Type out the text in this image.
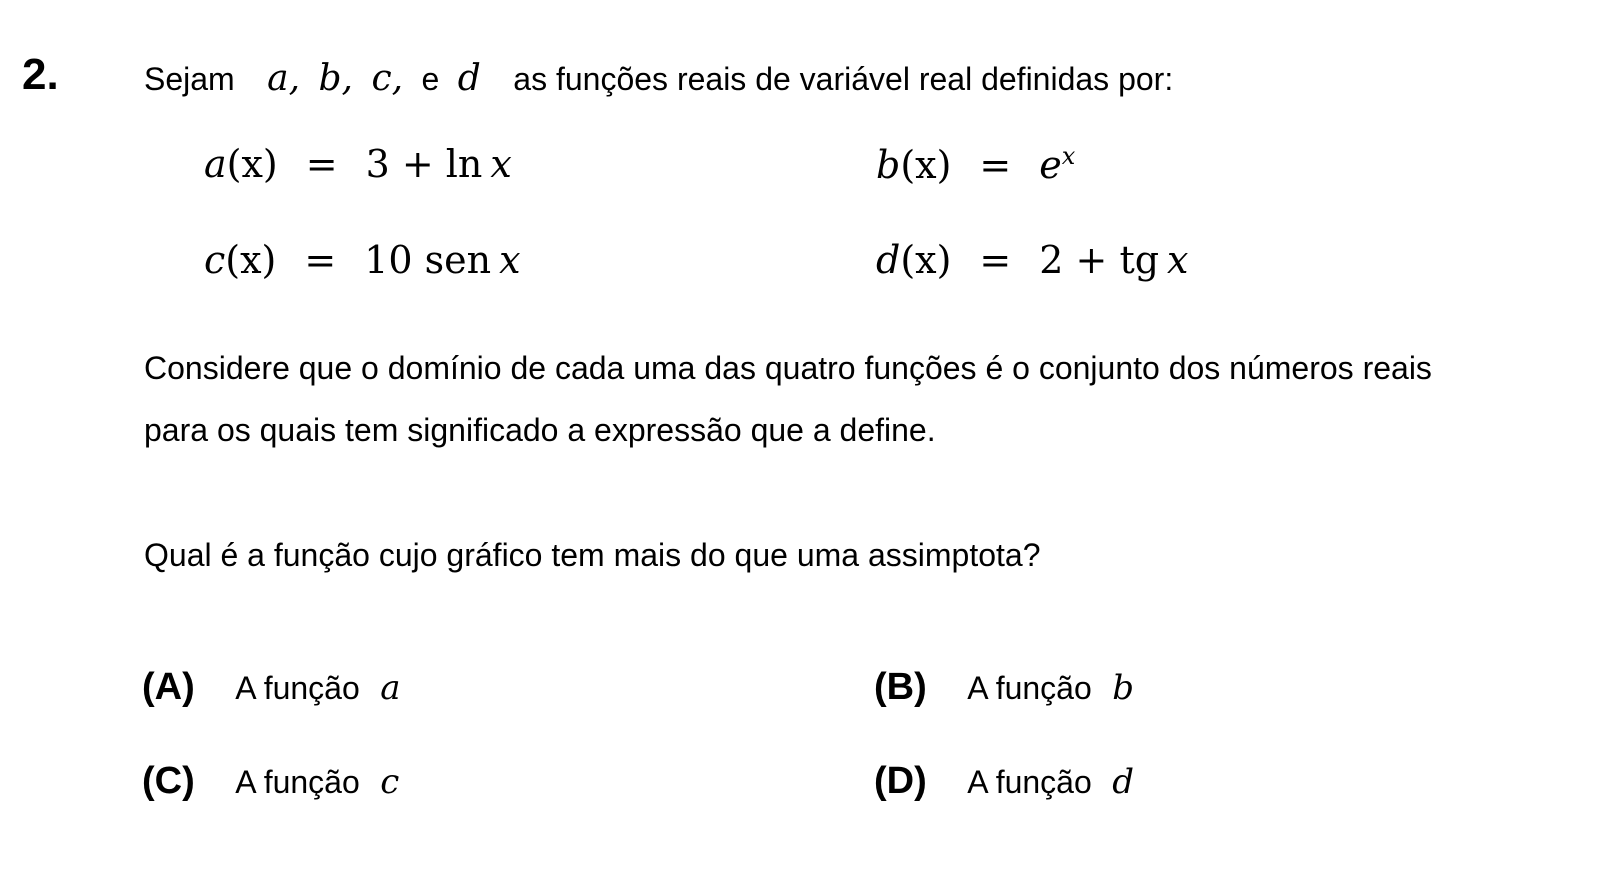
2.	Sejam a, b, c, e d as funções reais de variável real definidas por:
a(x) = 3 + ln x	$b(x) = e^x$
c(x) = 10 sen x	d(x) = 2 + tg x
Considere que o domínio de cada uma das quatro funções é o conjunto dos números reais
para os quais tem significado a expressão que a define.
Qual é a função cujo gráfico tem mais do que uma assimptota?
(A) A função a	(B) A função b
(C) A função c	(D) A função d
